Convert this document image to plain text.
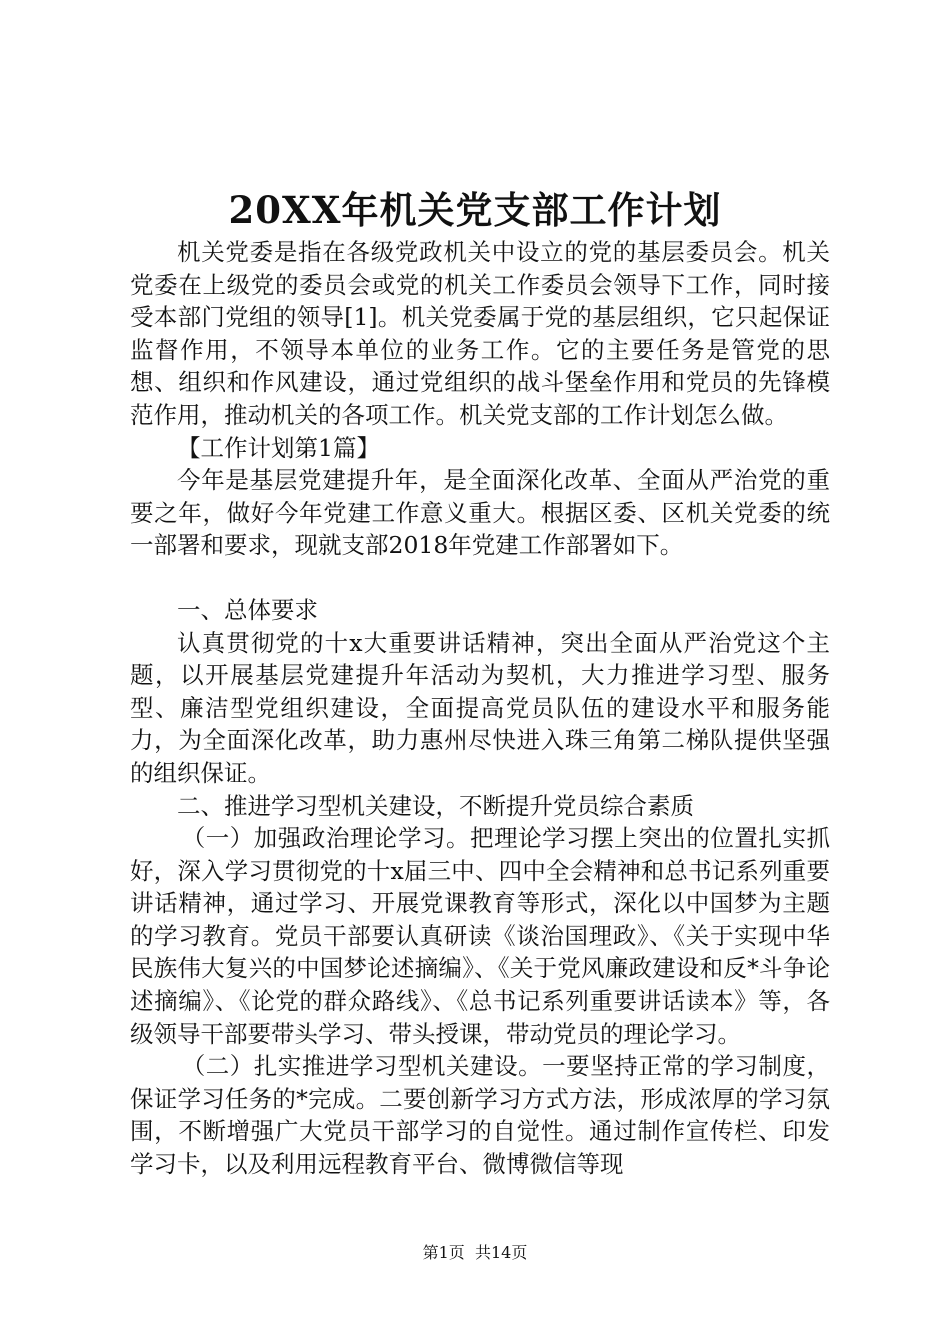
20XX年机关党支部工作计划

机关党委是指在各级党政机关中设立的党的基层委员会。机关党委在上级党的委员会或党的机关工作委员会领导下工作，同时接受本部门党组的领导[1]。机关党委属于党的基层组织，它只起保证监督作用，不领导本单位的业务工作。它的主要任务是管党的思想、组织和作风建设，通过党组织的战斗堡垒作用和党员的先锋模范作用，推动机关的各项工作。机关党支部的工作计划怎么做。

【工作计划第1篇】

今年是基层党建提升年，是全面深化改革、全面从严治党的重要之年，做好今年党建工作意义重大。根据区委、区机关党委的统一部署和要求，现就支部2018年党建工作部署如下。

一、总体要求

认真贯彻党的十x大重要讲话精神，突出全面从严治党这个主题，以开展基层党建提升年活动为契机，大力推进学习型、服务型、廉洁型党组织建设，全面提高党员队伍的建设水平和服务能力，为全面深化改革，助力惠州尽快进入珠三角第二梯队提供坚强的组织保证。

二、推进学习型机关建设，不断提升党员综合素质

（一）加强政治理论学习。把理论学习摆上突出的位置扎实抓好，深入学习贯彻党的十x届三中、四中全会精神和总书记系列重要讲话精神，通过学习、开展党课教育等形式，深化以中国梦为主题的学习教育。党员干部要认真研读《谈治国理政》、《关于实现中华民族伟大复兴的中国梦论述摘编》、《关于党风廉政建设和反*斗争论述摘编》、《论党的群众路线》、《总书记系列重要讲话读本》等，各级领导干部要带头学习、带头授课，带动党员的理论学习。

（二）扎实推进学习型机关建设。一要坚持正常的学习制度，保证学习任务的*完成。二要创新学习方式方法，形成浓厚的学习氛围，不断增强广大党员干部学习的自觉性。通过制作宣传栏、印发学习卡，以及利用远程教育平台、微博微信等现

第1页 共14页
